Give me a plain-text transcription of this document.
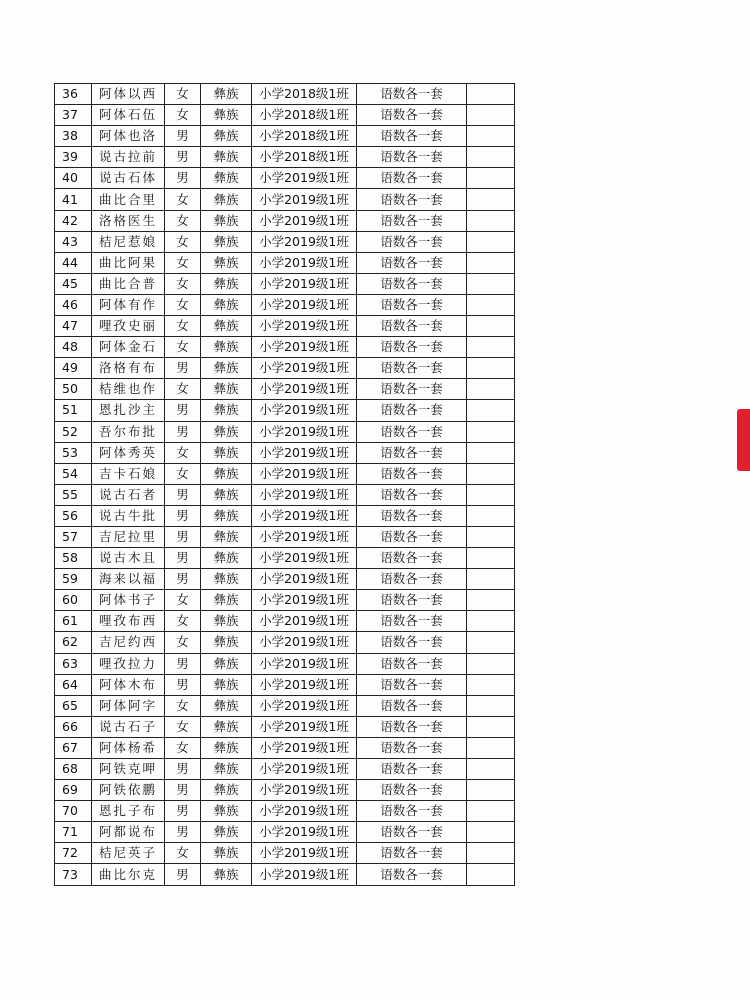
36	阿体以西	女	彝族	小学2018级1班	语数各一套	
37	阿体石伍	女	彝族	小学2018级1班	语数各一套	
38	阿体也洛	男	彝族	小学2018级1班	语数各一套	
39	说古拉前	男	彝族	小学2018级1班	语数各一套	
40	说古石体	男	彝族	小学2019级1班	语数各一套	
41	曲比合里	女	彝族	小学2019级1班	语数各一套	
42	洛格医生	女	彝族	小学2019级1班	语数各一套	
43	桔尼惹娘	女	彝族	小学2019级1班	语数各一套	
44	曲比阿果	女	彝族	小学2019级1班	语数各一套	
45	曲比合普	女	彝族	小学2019级1班	语数各一套	
46	阿体有作	女	彝族	小学2019级1班	语数各一套	
47	哩孜史丽	女	彝族	小学2019级1班	语数各一套	
48	阿体金石	女	彝族	小学2019级1班	语数各一套	
49	洛格有布	男	彝族	小学2019级1班	语数各一套	
50	桔维也作	女	彝族	小学2019级1班	语数各一套	
51	恩扎沙主	男	彝族	小学2019级1班	语数各一套	
52	吾尔布批	男	彝族	小学2019级1班	语数各一套	
53	阿体秀英	女	彝族	小学2019级1班	语数各一套	
54	吉卡石娘	女	彝族	小学2019级1班	语数各一套	
55	说古石者	男	彝族	小学2019级1班	语数各一套	
56	说古牛批	男	彝族	小学2019级1班	语数各一套	
57	吉尼拉里	男	彝族	小学2019级1班	语数各一套	
58	说古木且	男	彝族	小学2019级1班	语数各一套	
59	海来以福	男	彝族	小学2019级1班	语数各一套	
60	阿体书子	女	彝族	小学2019级1班	语数各一套	
61	哩孜布西	女	彝族	小学2019级1班	语数各一套	
62	吉尼约西	女	彝族	小学2019级1班	语数各一套	
63	哩孜拉力	男	彝族	小学2019级1班	语数各一套	
64	阿体木布	男	彝族	小学2019级1班	语数各一套	
65	阿体阿字	女	彝族	小学2019级1班	语数各一套	
66	说古石子	女	彝族	小学2019级1班	语数各一套	
67	阿体杨希	女	彝族	小学2019级1班	语数各一套	
68	阿铁克呷	男	彝族	小学2019级1班	语数各一套	
69	阿铁依鹏	男	彝族	小学2019级1班	语数各一套	
70	恩扎子布	男	彝族	小学2019级1班	语数各一套	
71	阿都说布	男	彝族	小学2019级1班	语数各一套	
72	桔尼英子	女	彝族	小学2019级1班	语数各一套	
73	曲比尔克	男	彝族	小学2019级1班	语数各一套	
